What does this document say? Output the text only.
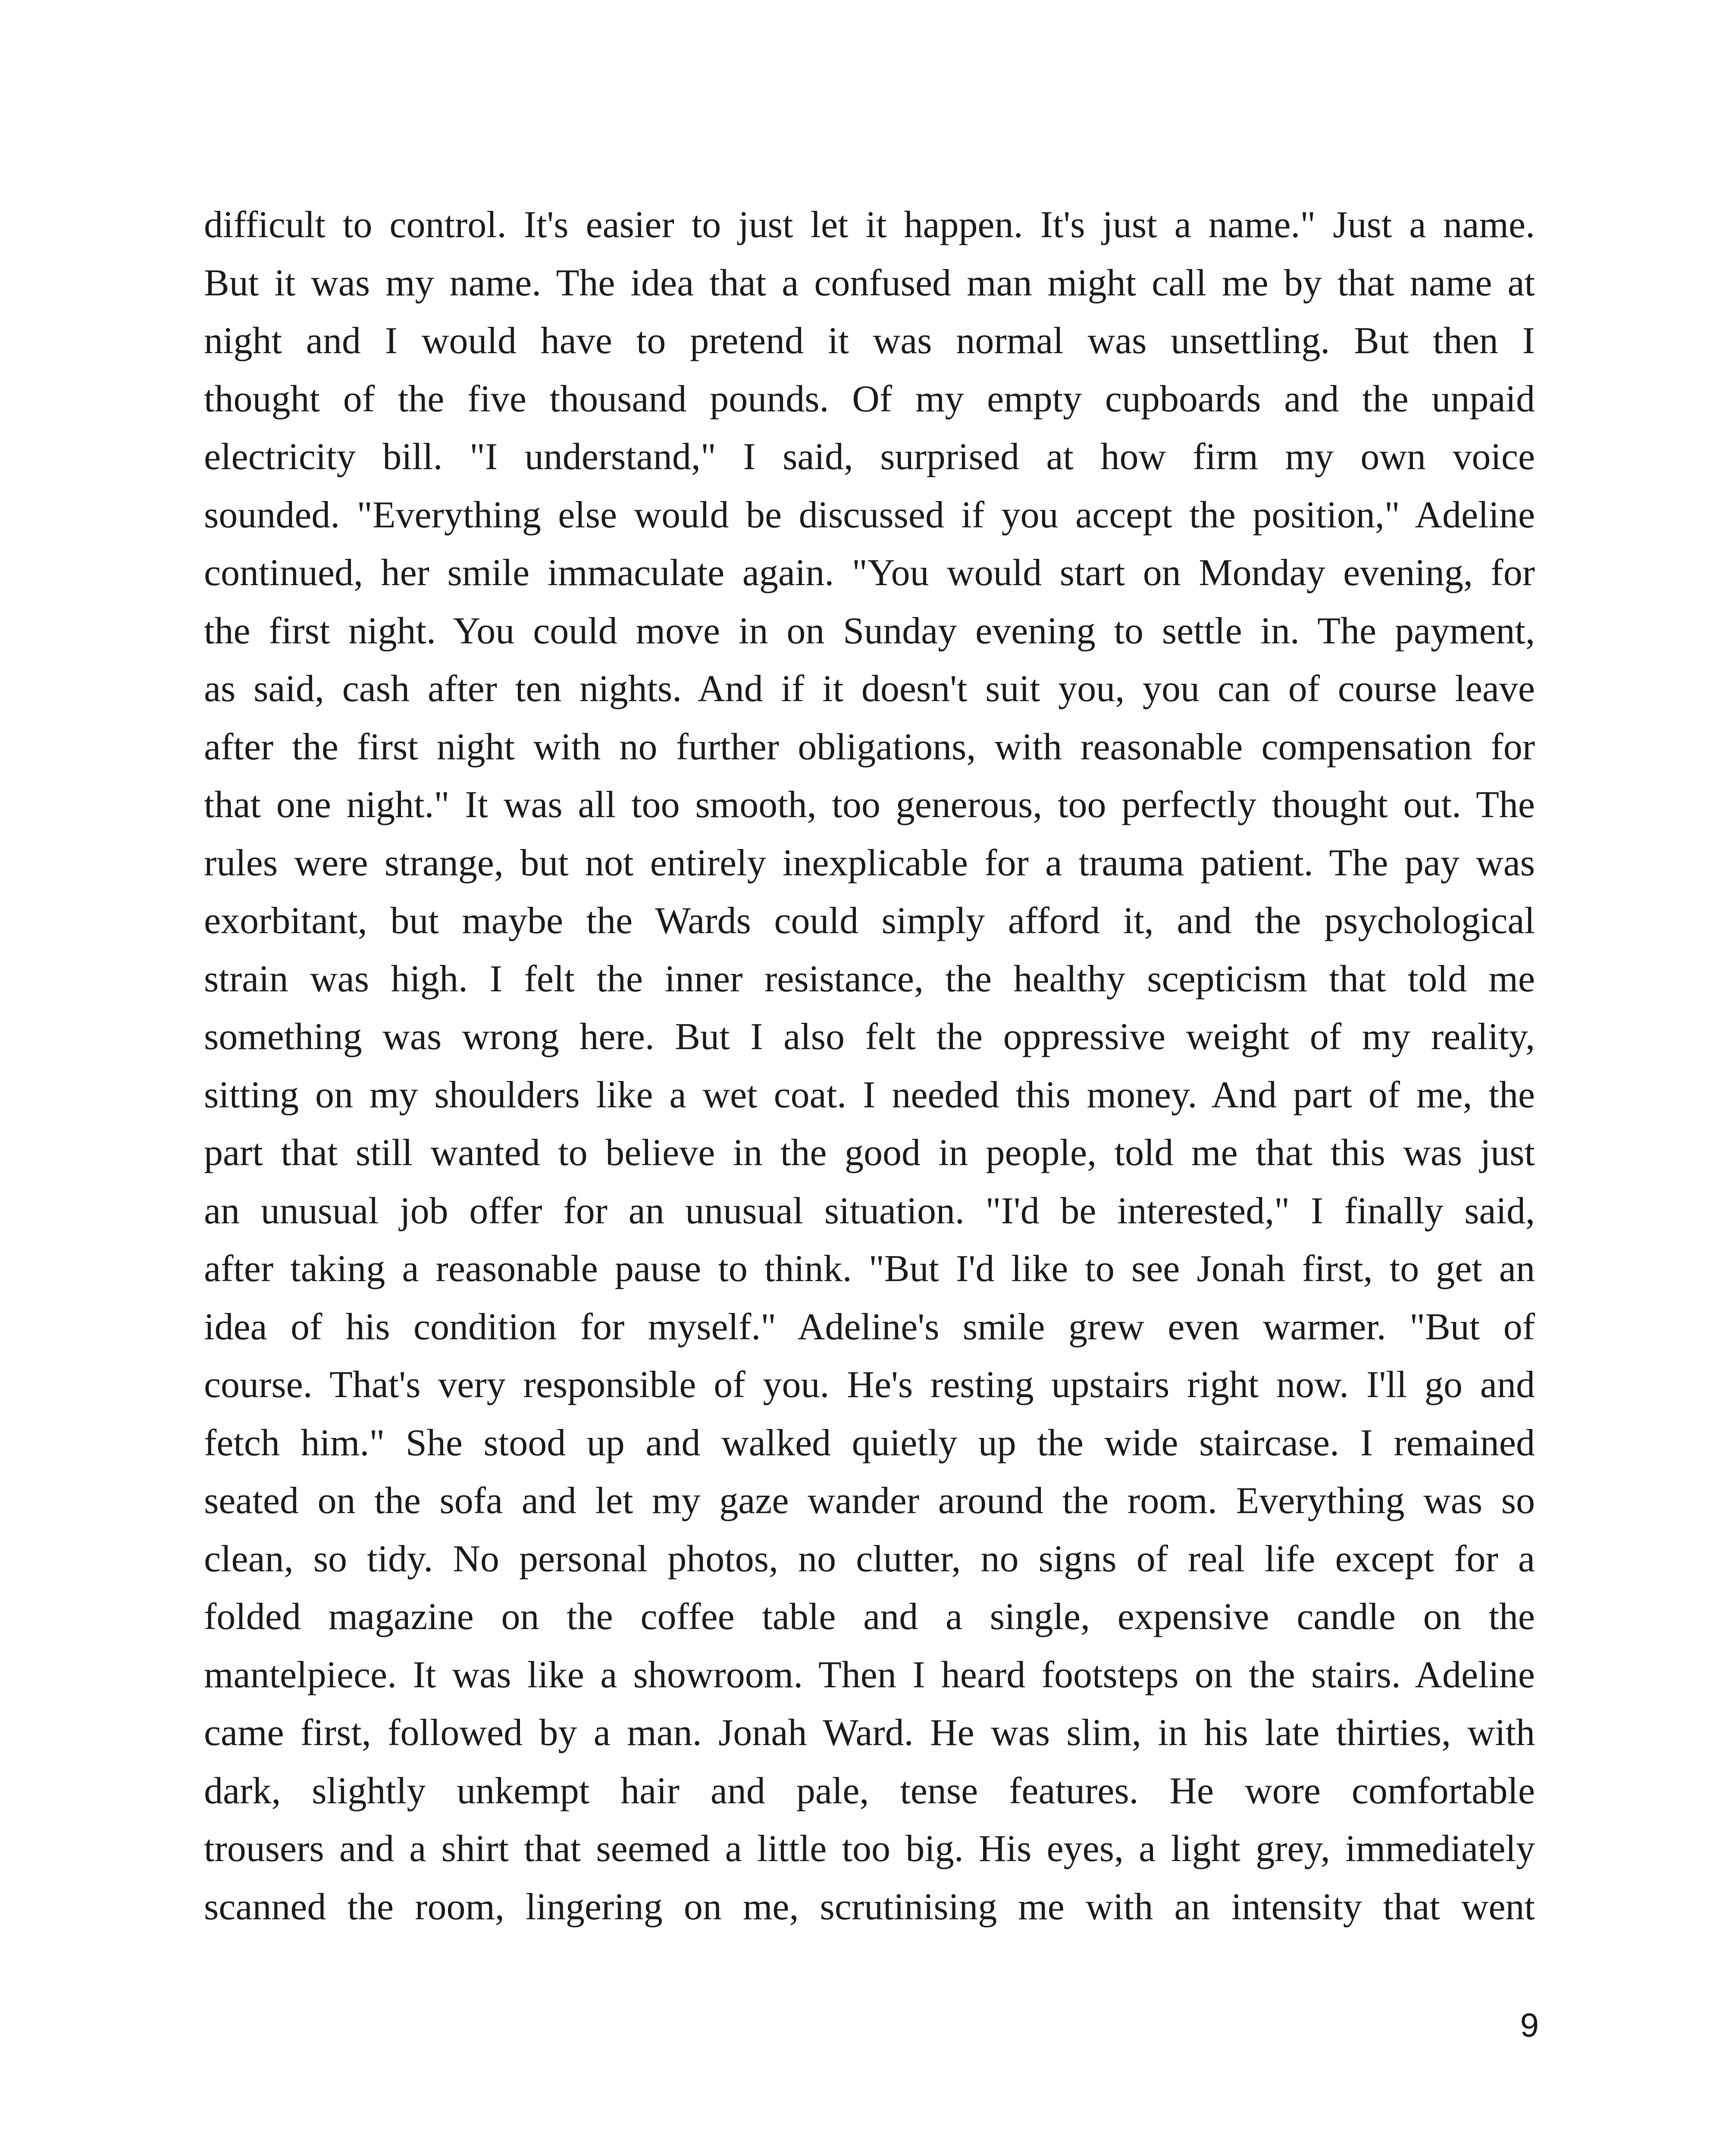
difficult to control. It's easier to just let it happen. It's just a name." Just a name.
But it was my name. The idea that a confused man might call me by that name at
night and I would have to pretend it was normal was unsettling. But then I
thought of the five thousand pounds. Of my empty cupboards and the unpaid
electricity bill. "I understand," I said, surprised at how firm my own voice
sounded. "Everything else would be discussed if you accept the position," Adeline
continued, her smile immaculate again. "You would start on Monday evening, for
the first night. You could move in on Sunday evening to settle in. The payment,
as said, cash after ten nights. And if it doesn't suit you, you can of course leave
after the first night with no further obligations, with reasonable compensation for
that one night." It was all too smooth, too generous, too perfectly thought out. The
rules were strange, but not entirely inexplicable for a trauma patient. The pay was
exorbitant, but maybe the Wards could simply afford it, and the psychological
strain was high. I felt the inner resistance, the healthy scepticism that told me
something was wrong here. But I also felt the oppressive weight of my reality,
sitting on my shoulders like a wet coat. I needed this money. And part of me, the
part that still wanted to believe in the good in people, told me that this was just
an unusual job offer for an unusual situation. "I'd be interested," I finally said,
after taking a reasonable pause to think. "But I'd like to see Jonah first, to get an
idea of his condition for myself." Adeline's smile grew even warmer. "But of
course. That's very responsible of you. He's resting upstairs right now. I'll go and
fetch him." She stood up and walked quietly up the wide staircase. I remained
seated on the sofa and let my gaze wander around the room. Everything was so
clean, so tidy. No personal photos, no clutter, no signs of real life except for a
folded magazine on the coffee table and a single, expensive candle on the
mantelpiece. It was like a showroom. Then I heard footsteps on the stairs. Adeline
came first, followed by a man. Jonah Ward. He was slim, in his late thirties, with
dark, slightly unkempt hair and pale, tense features. He wore comfortable
trousers and a shirt that seemed a little too big. His eyes, a light grey, immediately
scanned the room, lingering on me, scrutinising me with an intensity that went

9
